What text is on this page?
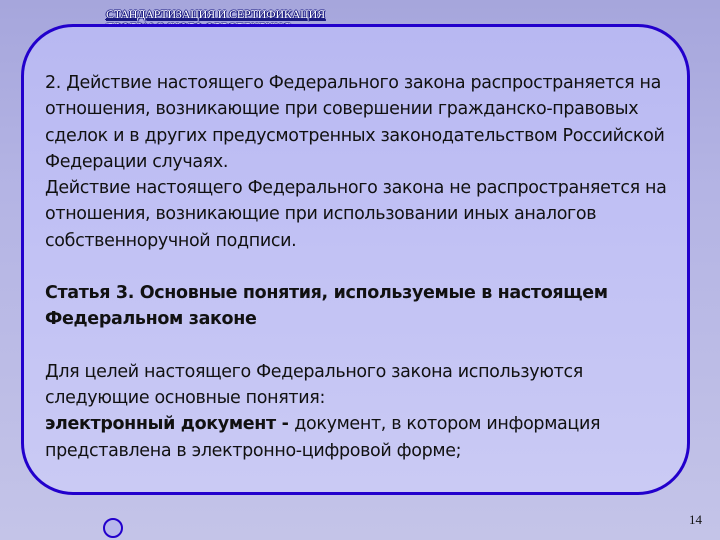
СТАНДАРТИЗАЦИЯ И СЕРТИФИКАЦИЯ

2. Действие настоящего Федерального закона распространяется на

отношения, возникающие при совершении гражданско-правовых

сделок и в других предусмотренных законодательством Российской

Федерации случаях.

Действие настоящего Федерального закона не распространяется на

отношения, возникающие при использовании иных аналогов

собственноручной подписи.

Статья 3. Основные понятия, используемые в настоящем

Федеральном законе

Для целей настоящего Федерального закона используются

следующие основные понятия:

электронный документ - документ, в котором информация

представлена в электронно-цифровой форме;

14
